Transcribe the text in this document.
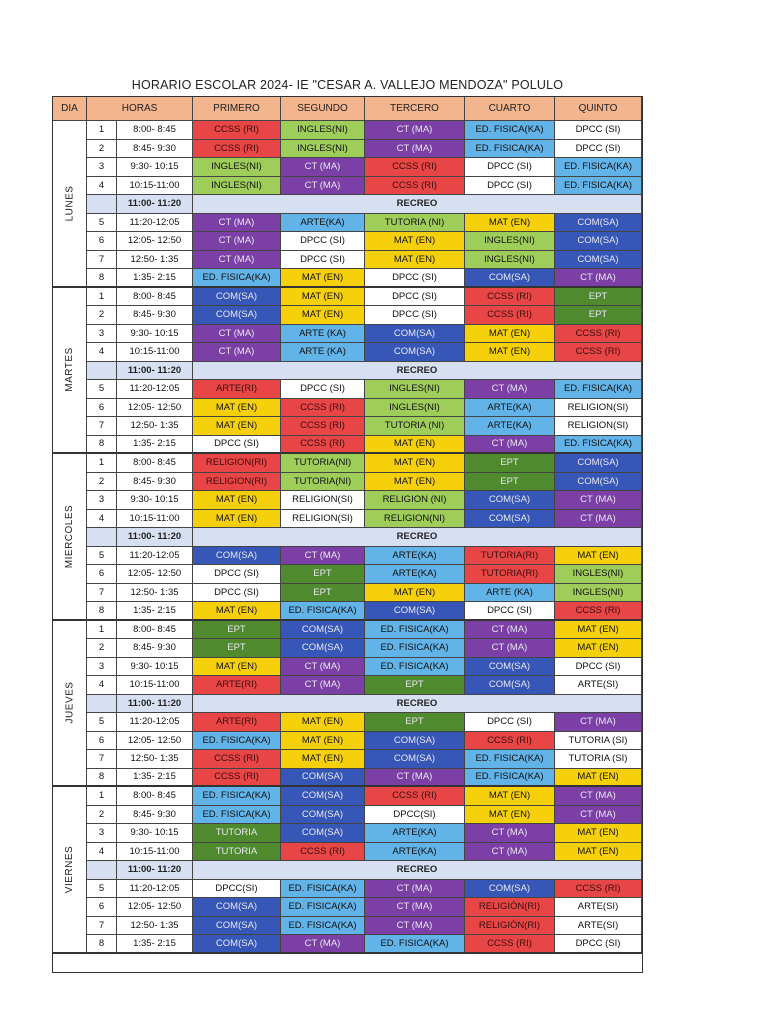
HORARIO ESCOLAR 2024- IE "CESAR A. VALLEJO MENDOZA" POLULO
DIA	HORAS	PRIMERO	SEGUNDO	TERCERO	CUARTO	QUINTO
LUNES
1	8:00- 8:45	CCSS (RI)	INGLES(NI)	CT (MA)	ED. FISICA(KA)	DPCC (SI)
2	8:45- 9:30	CCSS (RI)	INGLES(NI)	CT (MA)	ED. FISICA(KA)	DPCC (SI)
3	9:30- 10:15	INGLES(NI)	CT (MA)	CCSS (RI)	DPCC (SI)	ED. FISICA(KA)
4	10:15-11:00	INGLES(NI)	CT (MA)	CCSS (RI)	DPCC (SI)	ED. FISICA(KA)
11:00- 11:20	RECREO
5	11:20-12:05	CT (MA)	ARTE(KA)	TUTORIA (NI)	MAT (EN)	COM(SA)
6	12:05- 12:50	CT (MA)	DPCC (SI)	MAT (EN)	INGLES(NI)	COM(SA)
7	12:50- 1:35	CT (MA)	DPCC (SI)	MAT (EN)	INGLES(NI)	COM(SA)
8	1:35- 2:15	ED. FISICA(KA)	MAT (EN)	DPCC (SI)	COM(SA)	CT (MA)
MARTES
1	8:00- 8:45	COM(SA)	MAT (EN)	DPCC (SI)	CCSS (RI)	EPT
2	8:45- 9:30	COM(SA)	MAT (EN)	DPCC (SI)	CCSS (RI)	EPT
3	9:30- 10:15	CT (MA)	ARTE (KA)	COM(SA)	MAT (EN)	CCSS (RI)
4	10:15-11:00	CT (MA)	ARTE (KA)	COM(SA)	MAT (EN)	CCSS (RI)
11:00- 11:20	RECREO
5	11:20-12:05	ARTE(RI)	DPCC (SI)	INGLES(NI)	CT (MA)	ED. FISICA(KA)
6	12:05- 12:50	MAT (EN)	CCSS (RI)	INGLES(NI)	ARTE(KA)	RELIGION(SI)
7	12:50- 1:35	MAT (EN)	CCSS (RI)	TUTORIA (NI)	ARTE(KA)	RELIGION(SI)
8	1:35- 2:15	DPCC (SI)	CCSS (RI)	MAT (EN)	CT (MA)	ED. FISICA(KA)
MIERCOLES
1	8:00- 8:45	RELIGION(RI)	TUTORIA(NI)	MAT (EN)	EPT	COM(SA)
2	8:45- 9:30	RELIGION(RI)	TUTORIA(NI)	MAT (EN)	EPT	COM(SA)
3	9:30- 10:15	MAT (EN)	RELIGION(SI)	RELIGION (NI)	COM(SA)	CT (MA)
4	10:15-11:00	MAT (EN)	RELIGION(SI)	RELIGION(NI)	COM(SA)	CT (MA)
11:00- 11:20	RECREO
5	11:20-12:05	COM(SA)	CT (MA)	ARTE(KA)	TUTORIA(RI)	MAT (EN)
6	12:05- 12:50	DPCC (SI)	EPT	ARTE(KA)	TUTORIA(RI)	INGLES(NI)
7	12:50- 1:35	DPCC (SI)	EPT	MAT (EN)	ARTE (KA)	INGLES(NI)
8	1:35- 2:15	MAT (EN)	ED. FISICA(KA)	COM(SA)	DPCC (SI)	CCSS (RI)
JUEVES
1	8:00- 8:45	EPT	COM(SA)	ED. FISICA(KA)	CT (MA)	MAT (EN)
2	8:45- 9:30	EPT	COM(SA)	ED. FISICA(KA)	CT (MA)	MAT (EN)
3	9:30- 10:15	MAT (EN)	CT (MA)	ED. FISICA(KA)	COM(SA)	DPCC (SI)
4	10:15-11:00	ARTE(RI)	CT (MA)	EPT	COM(SA)	ARTE(SI)
11:00- 11:20	RECREO
5	11:20-12:05	ARTE(RI)	MAT (EN)	EPT	DPCC (SI)	CT (MA)
6	12:05- 12:50	ED. FISICA(KA)	MAT (EN)	COM(SA)	CCSS (RI)	TUTORIA (SI)
7	12:50- 1:35	CCSS (RI)	MAT (EN)	COM(SA)	ED. FISICA(KA)	TUTORIA (SI)
8	1:35- 2:15	CCSS (RI)	COM(SA)	CT (MA)	ED. FISICA(KA)	MAT (EN)
VIERNES
1	8:00- 8:45	ED. FISICA(KA)	COM(SA)	CCSS (RI)	MAT (EN)	CT (MA)
2	8:45- 9:30	ED. FISICA(KA)	COM(SA)	DPCC(SI)	MAT (EN)	CT (MA)
3	9:30- 10:15	TUTORIA	COM(SA)	ARTE(KA)	CT (MA)	MAT (EN)
4	10:15-11:00	TUTORIA	CCSS (RI)	ARTE(KA)	CT (MA)	MAT (EN)
11:00- 11:20	RECREO
5	11:20-12:05	DPCC(SI)	ED. FISICA(KA)	CT (MA)	COM(SA)	CCSS (RI)
6	12:05- 12:50	COM(SA)	ED. FISICA(KA)	CT (MA)	RELIGIÓN(RI)	ARTE(SI)
7	12:50- 1:35	COM(SA)	ED. FISICA(KA)	CT (MA)	RELIGIÓN(RI)	ARTE(SI)
8	1:35- 2:15	COM(SA)	CT (MA)	ED. FISICA(KA)	CCSS (RI)	DPCC (SI)
